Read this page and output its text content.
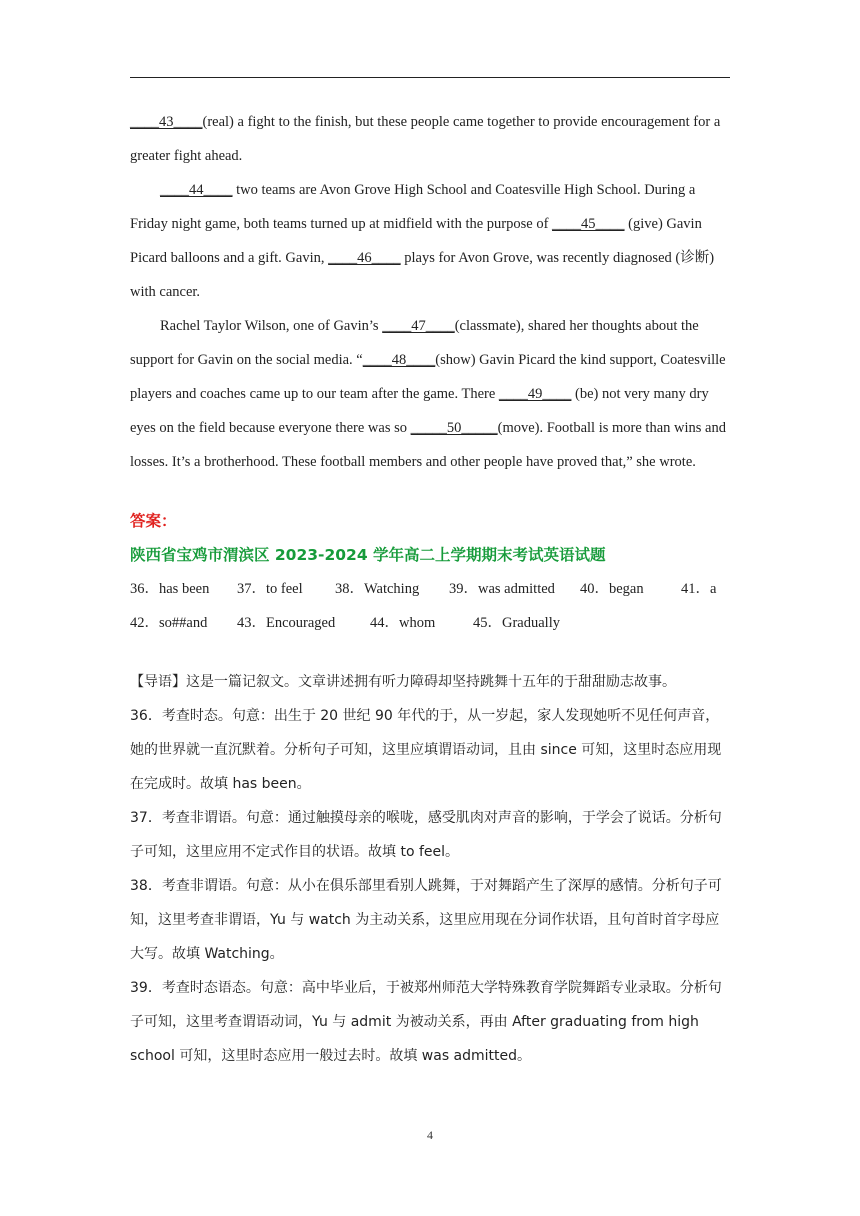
____43____(real) a fight to the finish, but these people came together to provide encouragement for a greater fight ahead.

____44____ two teams are Avon Grove High School and Coatesville High School. During a Friday night game, both teams turned up at midfield with the purpose of ____45____ (give) Gavin Picard balloons and a gift. Gavin, ____46____ plays for Avon Grove, was recently diagnosed (诊断) with cancer.

Rachel Taylor Wilson, one of Gavin’s ____47____(classmate), shared her thoughts about the support for Gavin on the social media. “____48____(show) Gavin Picard the kind support, Coatesville players and coaches came up to our team after the game. There ____49____ (be) not very many dry eyes on the field because everyone there was so _____50_____(move). Football is more than wins and losses. It’s a brotherhood. These football members and other people have proved that,” she wrote.

答案：
陕西省宝鸡市渭滨区 2023-2024 学年高二上学期期末考试英语试题
36．has been	37．to feel	38．Watching	39．was admitted	40．began	41．a
42．so##and	43．Encouraged	44．whom	45．Gradually

【导语】这是一篇记叙文。文章讲述拥有听力障碍却坚持跳舞十五年的于甜甜励志故事。

36．考查时态。句意：出生于 20 世纪 90 年代的于，从一岁起，家人发现她听不见任何声音，她的世界就一直沉默着。分析句子可知，这里应填谓语动词，且由 since 可知，这里时态应用现在完成时。故填 has been。

37．考查非谓语。句意：通过触摸母亲的喉咙，感受肌肉对声音的影响，于学会了说话。分析句子可知，这里应用不定式作目的状语。故填 to feel。

38．考查非谓语。句意：从小在俱乐部里看别人跳舞，于对舞蹈产生了深厚的感情。分析句子可知，这里考查非谓语，Yu 与 watch 为主动关系，这里应用现在分词作状语，且句首时首字母应大写。故填 Watching。

39．考查时态语态。句意：高中毕业后，于被郑州师范大学特殊教育学院舞蹈专业录取。分析句子可知，这里考查谓语动词，Yu 与 admit 为被动关系，再由 After graduating from high school 可知，这里时态应用一般过去时。故填 was admitted。

4
